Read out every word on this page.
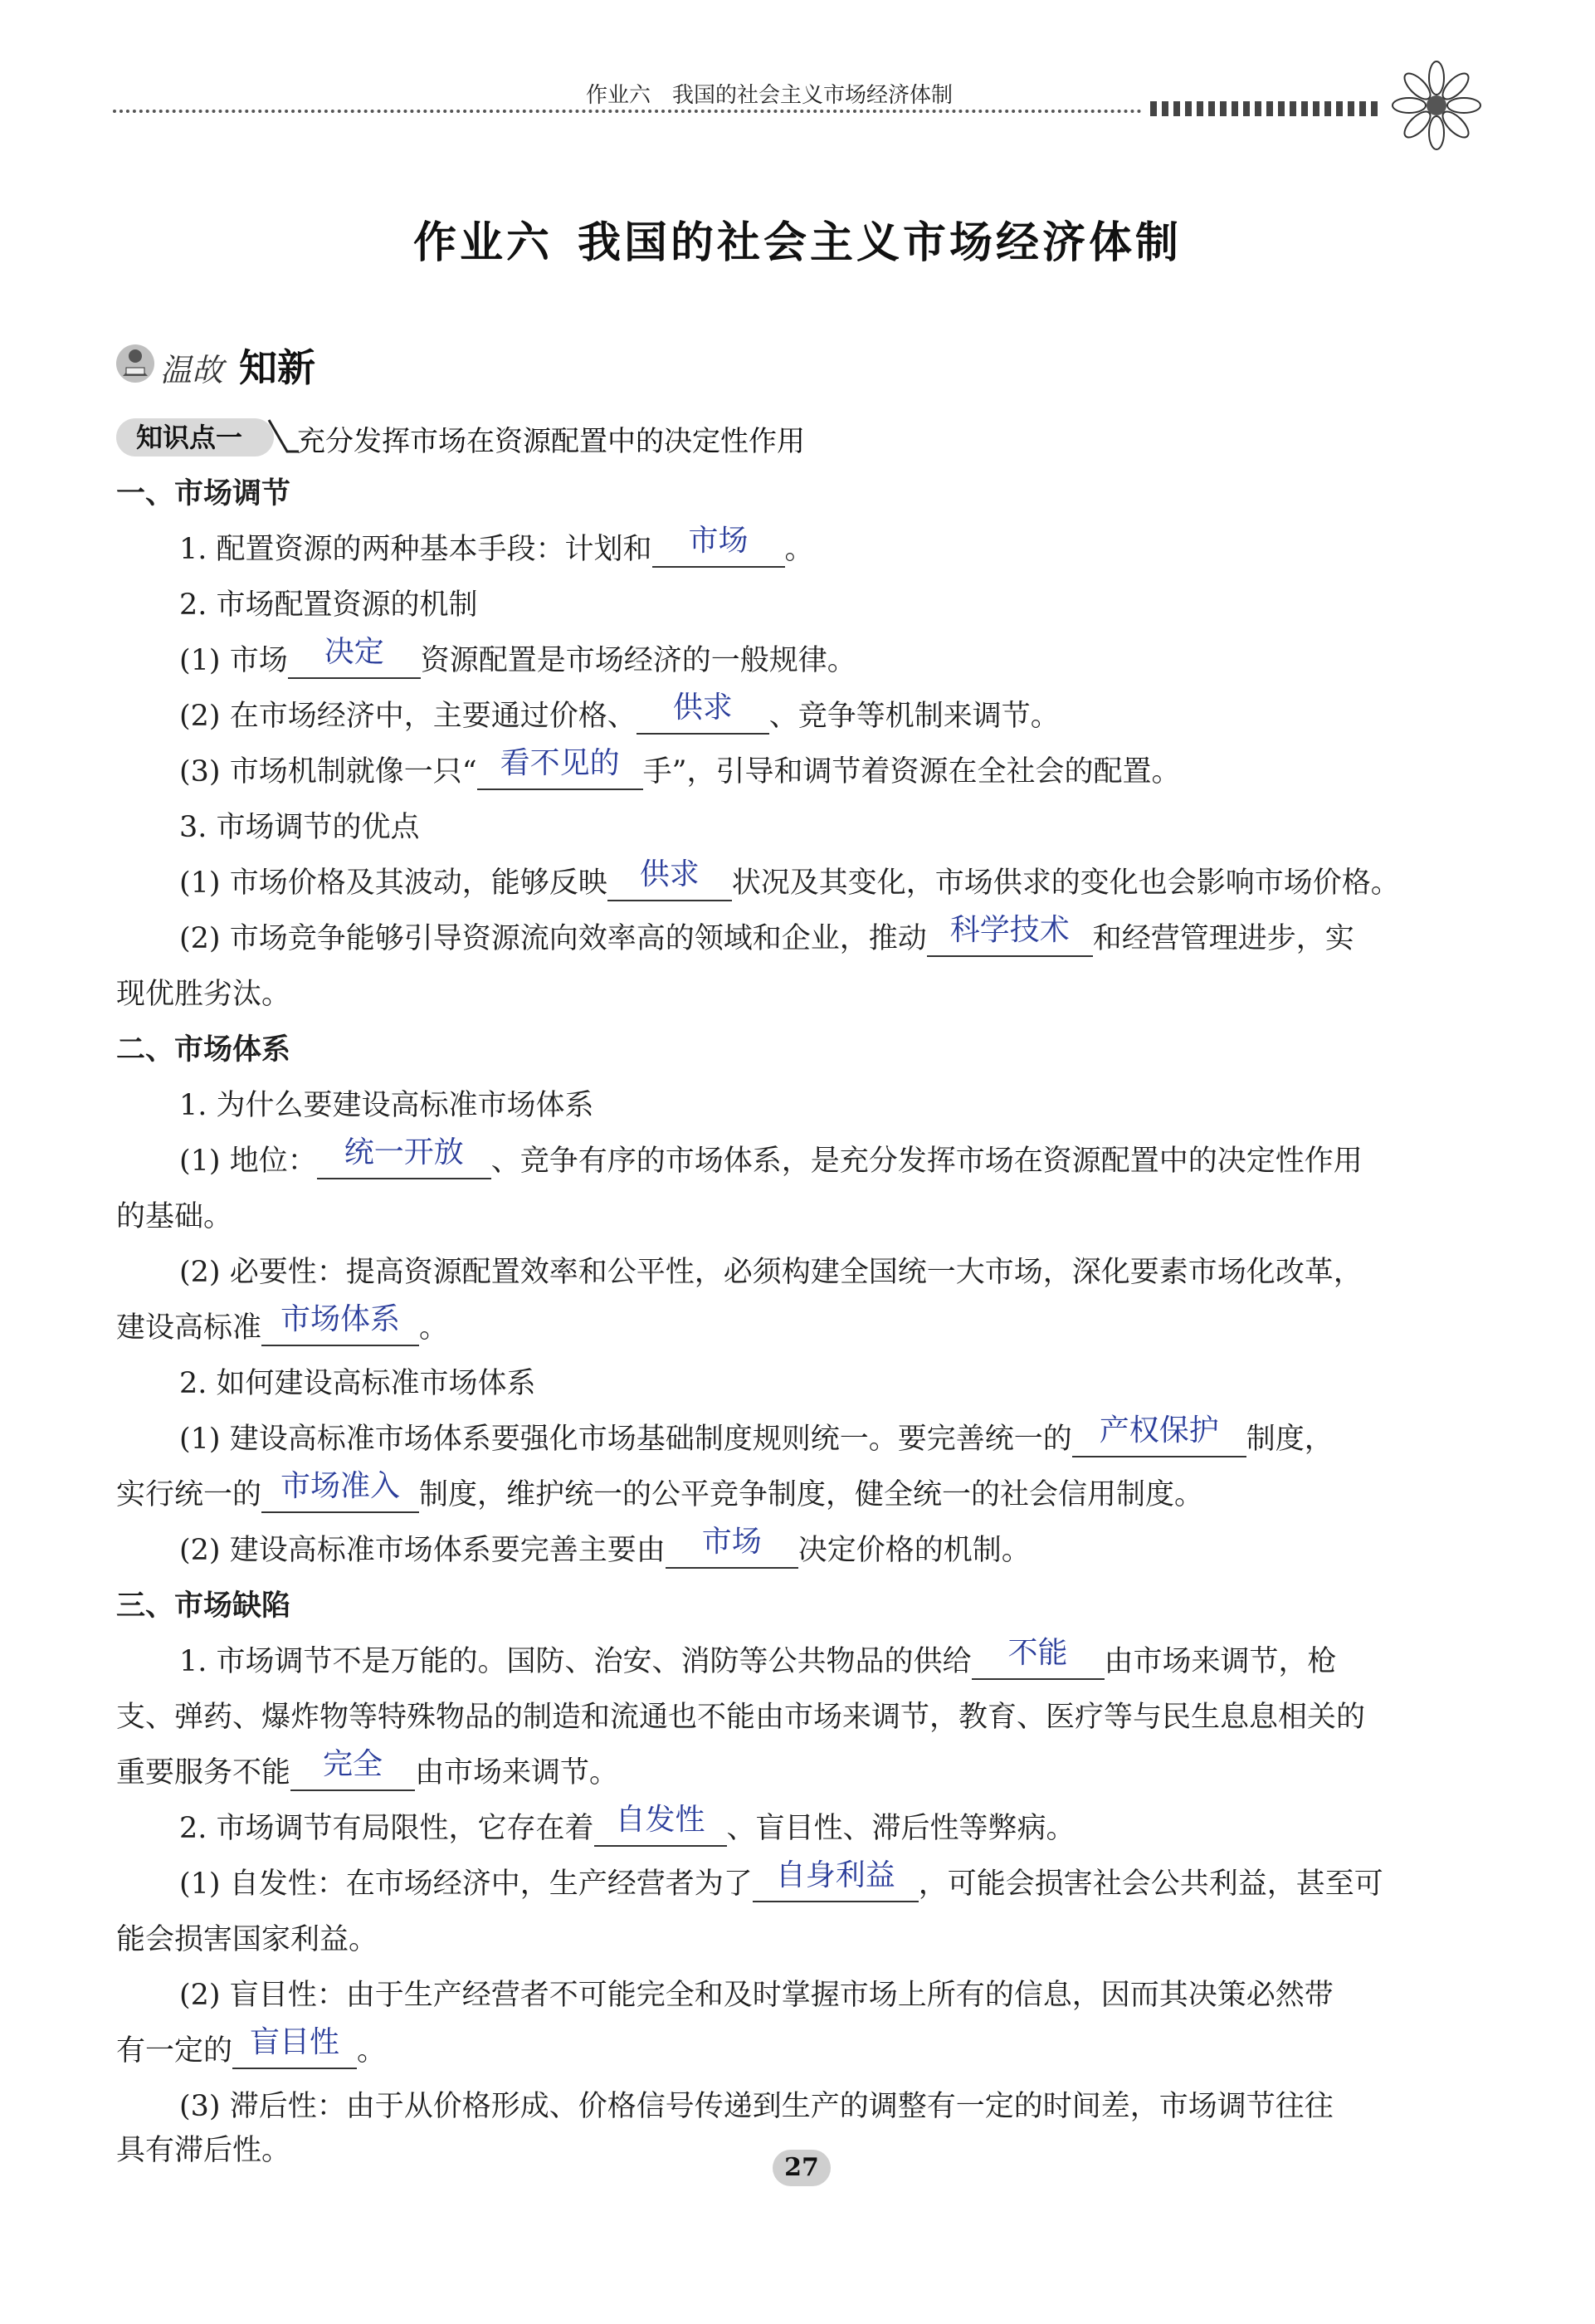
作业六　我国的社会主义市场经济体制
作业六 我国的社会主义市场经济体制
温故 知新
知识点一	充分发挥市场在资源配置中的决定性作用
一、市场调节
1. 配置资源的两种基本手段：计划和 市场 。
2. 市场配置资源的机制
(1) 市场 决定 资源配置是市场经济的一般规律。
(2) 在市场经济中，主要通过价格、 供求 、竞争等机制来调节。
(3) 市场机制就像一只“ 看不见的 手”，引导和调节着资源在全社会的配置。
3. 市场调节的优点
(1) 市场价格及其波动，能够反映 供求 状况及其变化，市场供求的变化也会影响市场价格。
(2) 市场竞争能够引导资源流向效率高的领域和企业，推动 科学技术 和经营管理进步，实
现优胜劣汰。
二、市场体系
1. 为什么要建设高标准市场体系
(1) 地位： 统一开放 、竞争有序的市场体系，是充分发挥市场在资源配置中的决定性作用
的基础。
(2) 必要性：提高资源配置效率和公平性，必须构建全国统一大市场，深化要素市场化改革，
建设高标准 市场体系 。
2. 如何建设高标准市场体系
(1) 建设高标准市场体系要强化市场基础制度规则统一。要完善统一的 产权保护 制度，
实行统一的 市场准入 制度，维护统一的公平竞争制度，健全统一的社会信用制度。
(2) 建设高标准市场体系要完善主要由 市场 决定价格的机制。
三、市场缺陷
1. 市场调节不是万能的。国防、治安、消防等公共物品的供给 不能 由市场来调节，枪
支、弹药、爆炸物等特殊物品的制造和流通也不能由市场来调节，教育、医疗等与民生息息相关的
重要服务不能 完全 由市场来调节。
2. 市场调节有局限性，它存在着 自发性 、盲目性、滞后性等弊病。
(1) 自发性：在市场经济中，生产经营者为了 自身利益 ，可能会损害社会公共利益，甚至可
能会损害国家利益。
(2) 盲目性：由于生产经营者不可能完全和及时掌握市场上所有的信息，因而其决策必然带
有一定的 盲目性 。
(3) 滞后性：由于从价格形成、价格信号传递到生产的调整有一定的时间差，市场调节往往
具有滞后性。
27
